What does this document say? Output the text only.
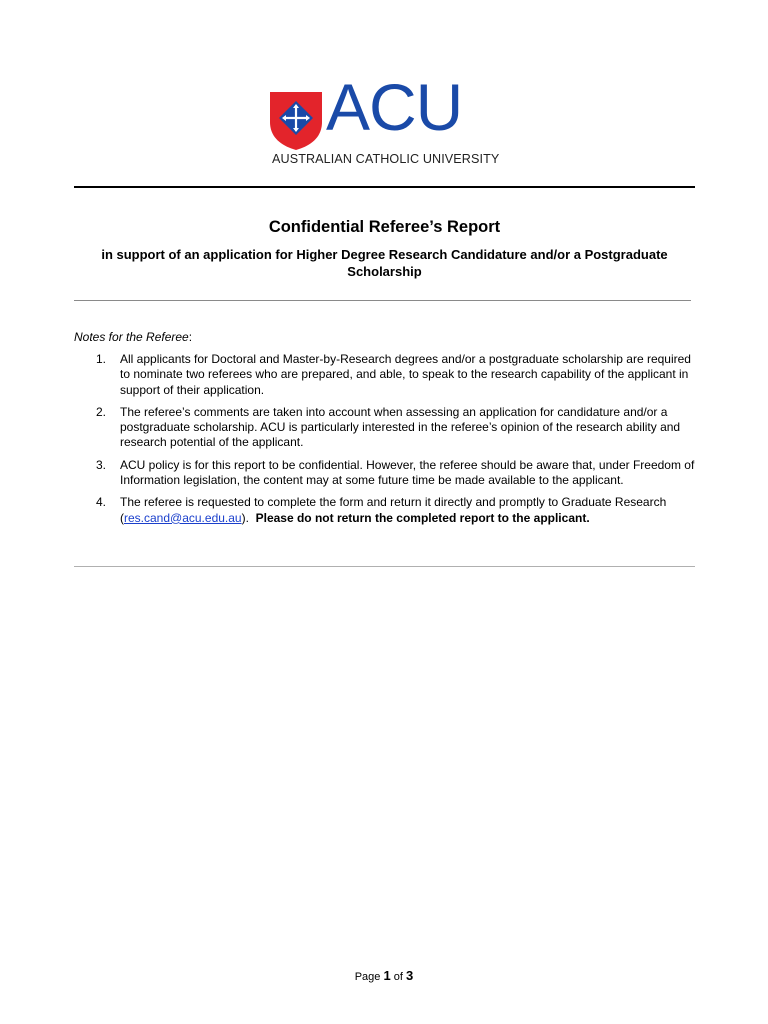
ACU
AUSTRALIAN CATHOLIC UNIVERSITY
Confidential Referee’s Report
in support of an application for Higher Degree Research Candidature and/or a Postgraduate Scholarship
Notes for the Referee:
1. All applicants for Doctoral and Master-by-Research degrees and/or a postgraduate scholarship are required to nominate two referees who are prepared, and able, to speak to the research capability of the applicant in support of their application.
2. The referee’s comments are taken into account when assessing an application for candidature and/or a postgraduate scholarship. ACU is particularly interested in the referee’s opinion of the research ability and research potential of the applicant.
3. ACU policy is for this report to be confidential. However, the referee should be aware that, under Freedom of Information legislation, the content may at some future time be made available to the applicant.
4. The referee is requested to complete the form and return it directly and promptly to Graduate Research (res.cand@acu.edu.au). Please do not return the completed report to the applicant.
Page 1 of 3
